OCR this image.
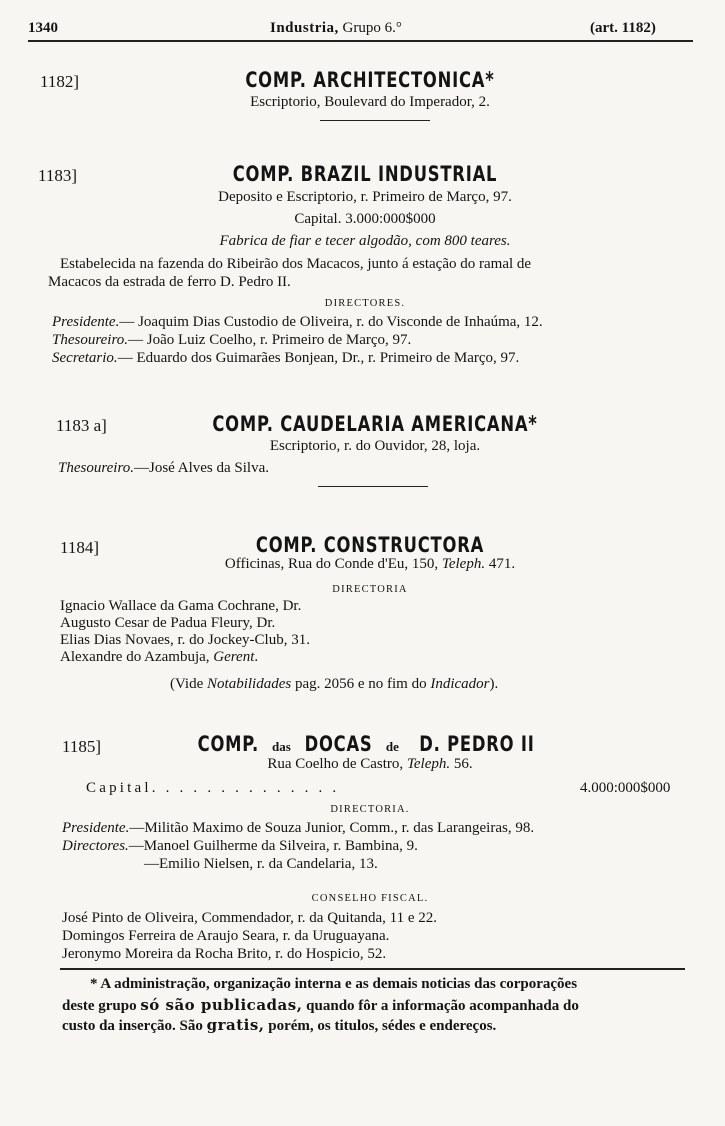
1340	Industria, Grupo 6.°	(art. 1182)
1182]	COMP. ARCHITECTONICA*
Escriptorio, Boulevard do Imperador, 2.
1183]	COMP. BRAZIL INDUSTRIAL
Deposito e Escriptorio, r. Primeiro de Março, 97.
Capital. 3.000:000$000
Fabrica de fiar e tecer algodão, com 800 teares.
Estabelecida na fazenda do Ribeirão dos Macacos, junto á estação do ramal de
Macacos da estrada de ferro D. Pedro II.
DIRECTORES.
Presidente.— Joaquim Dias Custodio de Oliveira, r. do Visconde de Inhaúma, 12.
Thesoureiro.— João Luiz Coelho, r. Primeiro de Março, 97.
Secretario.— Eduardo dos Guimarães Bonjean, Dr., r. Primeiro de Março, 97.
1183 a]	COMP. CAUDELARIA AMERICANA*
Escriptorio, r. do Ouvidor, 28, loja.
Thesoureiro.—José Alves da Silva.
1184]	COMP. CONSTRUCTORA
Officinas, Rua do Conde d'Eu, 150, Teleph. 471.
DIRECTORIA
Ignacio Wallace da Gama Cochrane, Dr.
Augusto Cesar de Padua Fleury, Dr.
Elias Dias Novaes, r. do Jockey-Club, 31.
Alexandre do Azambuja, Gerent.
(Vide Notabilidades pag. 2056 e no fim do Indicador).
1185]	COMP. das DOCAS de D. PEDRO II
Rua Coelho de Castro, Teleph. 56.
Capital. . . . . . . . . . . . . .	4.000:000$000
DIRECTORIA.
Presidente.—Militão Maximo de Souza Junior, Comm., r. das Larangeiras, 98.
Directores.—Manoel Guilherme da Silveira, r. Bambina, 9.
—Emilio Nielsen, r. da Candelaria, 13.
CONSELHO FISCAL.
José Pinto de Oliveira, Commendador, r. da Quitanda, 11 e 22.
Domingos Ferreira de Araujo Seara, r. da Uruguayana.
Jeronymo Moreira da Rocha Brito, r. do Hospicio, 52.
* A administração, organização interna e as demais noticias das corporações
deste grupo só são publicadas, quando fôr a informação acompanhada do
custo da inserção. São gratis, porém, os titulos, sédes e endereços.
